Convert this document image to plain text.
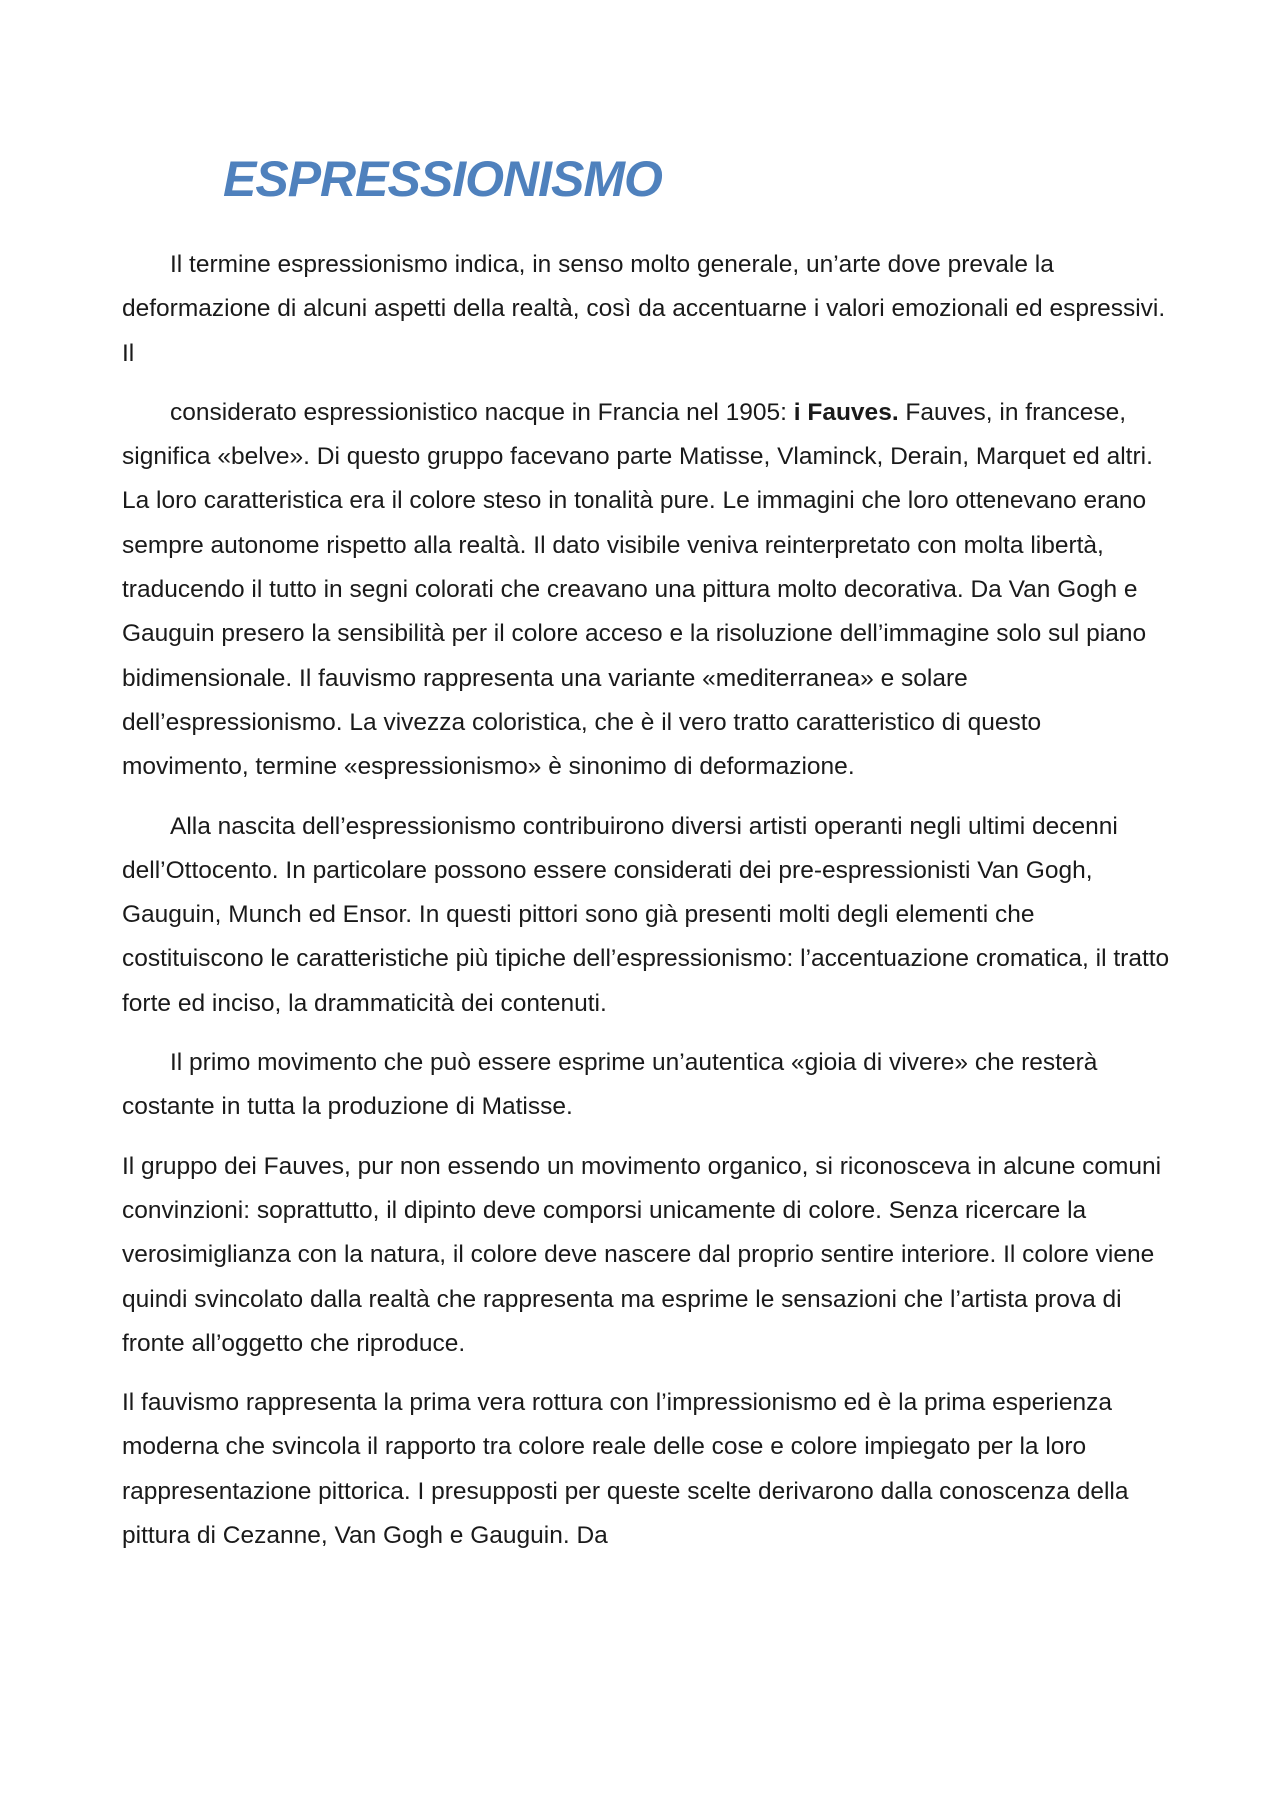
ESPRESSIONISMO

Il termine espressionismo indica, in senso molto generale, un’arte dove prevale la deformazione di alcuni aspetti della realtà, così da accentuarne i valori emozionali ed espressivi. Il

considerato espressionistico nacque in Francia nel 1905: i Fauves. Fauves, in francese, significa «belve». Di questo gruppo facevano parte Matisse, Vlaminck, Derain, Marquet ed altri. La loro caratteristica era il colore steso in tonalità pure. Le immagini che loro ottenevano erano sempre autonome rispetto alla realtà. Il dato visibile veniva reinterpretato con molta libertà, traducendo il tutto in segni colorati che creavano una pittura molto decorativa. Da Van Gogh e Gauguin presero la sensibilità per il colore acceso e la risoluzione dell’immagine solo sul piano bidimensionale. Il fauvismo rappresenta una variante «mediterranea» e solare dell’espressionismo. La vivezza coloristica, che è il vero tratto caratteristico di questo movimento, termine «espressionismo» è sinonimo di deformazione.

Alla nascita dell’espressionismo contribuirono diversi artisti operanti negli ultimi decenni dell’Ottocento. In particolare possono essere considerati dei pre-espressionisti Van Gogh, Gauguin, Munch ed Ensor. In questi pittori sono già presenti molti degli elementi che costituiscono le caratteristiche più tipiche dell’espressionismo: l’accentuazione cromatica, il tratto forte ed inciso, la drammaticità dei contenuti.

Il primo movimento che può essere esprime un’autentica «gioia di vivere» che resterà costante in tutta la produzione di Matisse.

Il gruppo dei Fauves, pur non essendo un movimento organico, si riconosceva in alcune comuni convinzioni: soprattutto, il dipinto deve comporsi unicamente di colore. Senza ricercare la verosimiglianza con la natura, il colore deve nascere dal proprio sentire interiore. Il colore viene quindi svincolato dalla realtà che rappresenta ma esprime le sensazioni che l’artista prova di fronte all’oggetto che riproduce.

Il fauvismo rappresenta la prima vera rottura con l’impressionismo ed è la prima esperienza moderna che svincola il rapporto tra colore reale delle cose e colore impiegato per la loro rappresentazione pittorica. I presupposti per queste scelte derivarono dalla conoscenza della pittura di Cezanne, Van Gogh e Gauguin. Da
